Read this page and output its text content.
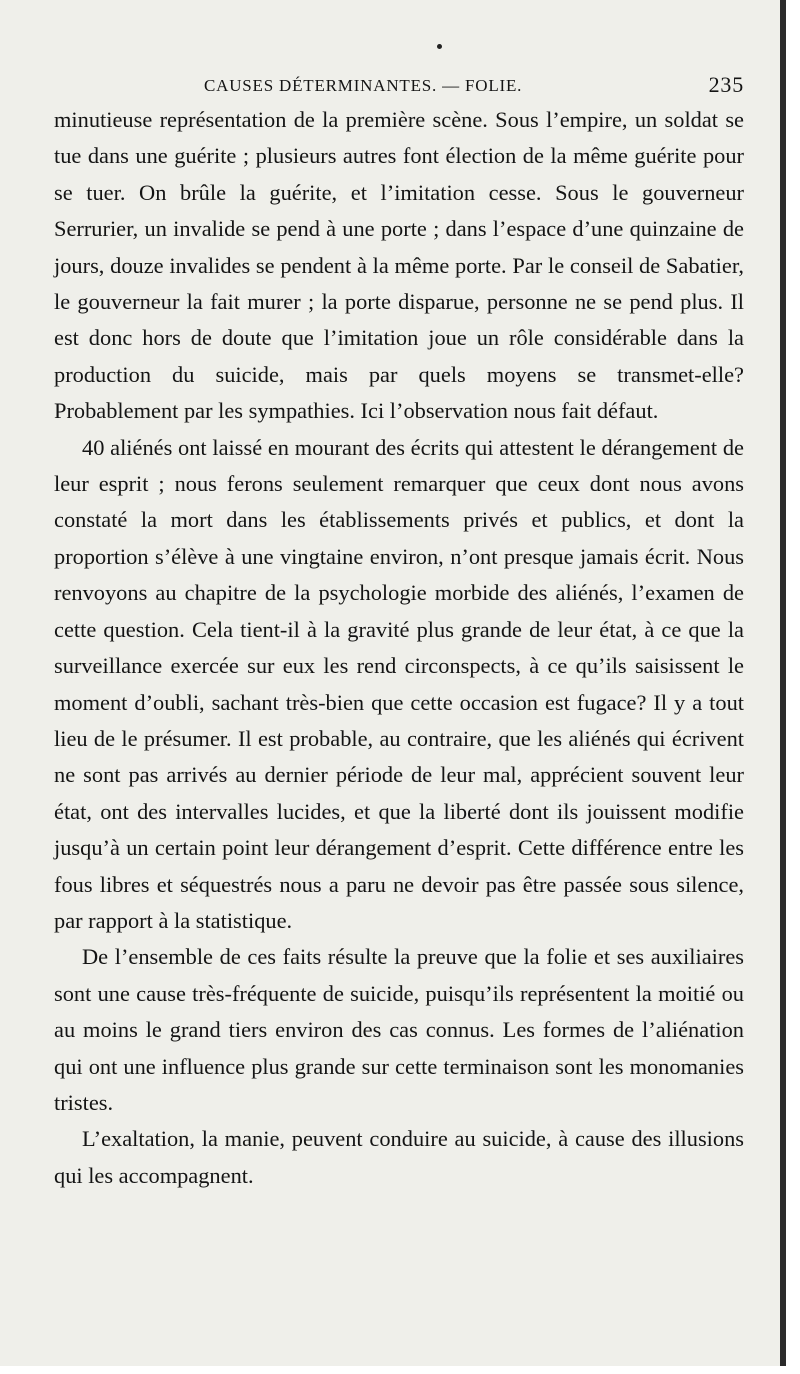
CAUSES DÉTERMINANTES. — FOLIE.	235

minutieuse représentation de la première scène. Sous l’empire, un soldat se tue dans une guérite ; plusieurs autres font élection de la même guérite pour se tuer. On brûle la guérite, et l’imitation cesse. Sous le gouverneur Serrurier, un invalide se pend à une porte ; dans l’espace d’une quinzaine de jours, douze invalides se pendent à la même porte. Par le conseil de Sabatier, le gouverneur la fait murer ; la porte disparue, personne ne se pend plus. Il est donc hors de doute que l’imitation joue un rôle considérable dans la production du suicide, mais par quels moyens se transmet-elle? Probablement par les sympathies. Ici l’observation nous fait défaut.

40 aliénés ont laissé en mourant des écrits qui attestent le dérangement de leur esprit ; nous ferons seulement remarquer que ceux dont nous avons constaté la mort dans les établissements privés et publics, et dont la proportion s’élève à une vingtaine environ, n’ont presque jamais écrit. Nous renvoyons au chapitre de la psychologie morbide des aliénés, l’examen de cette question. Cela tient-il à la gravité plus grande de leur état, à ce que la surveillance exercée sur eux les rend circonspects, à ce qu’ils saisissent le moment d’oubli, sachant très-bien que cette occasion est fugace? Il y a tout lieu de le présumer. Il est probable, au contraire, que les aliénés qui écrivent ne sont pas arrivés au dernier période de leur mal, apprécient souvent leur état, ont des intervalles lucides, et que la liberté dont ils jouissent modifie jusqu’à un certain point leur dérangement d’esprit. Cette différence entre les fous libres et séquestrés nous a paru ne devoir pas être passée sous silence, par rapport à la statistique.

De l’ensemble de ces faits résulte la preuve que la folie et ses auxiliaires sont une cause très-fréquente de suicide, puisqu’ils représentent la moitié ou au moins le grand tiers environ des cas connus. Les formes de l’aliénation qui ont une influence plus grande sur cette terminaison sont les monomanies tristes.

L’exaltation, la manie, peuvent conduire au suicide, à cause des illusions qui les accompagnent.
